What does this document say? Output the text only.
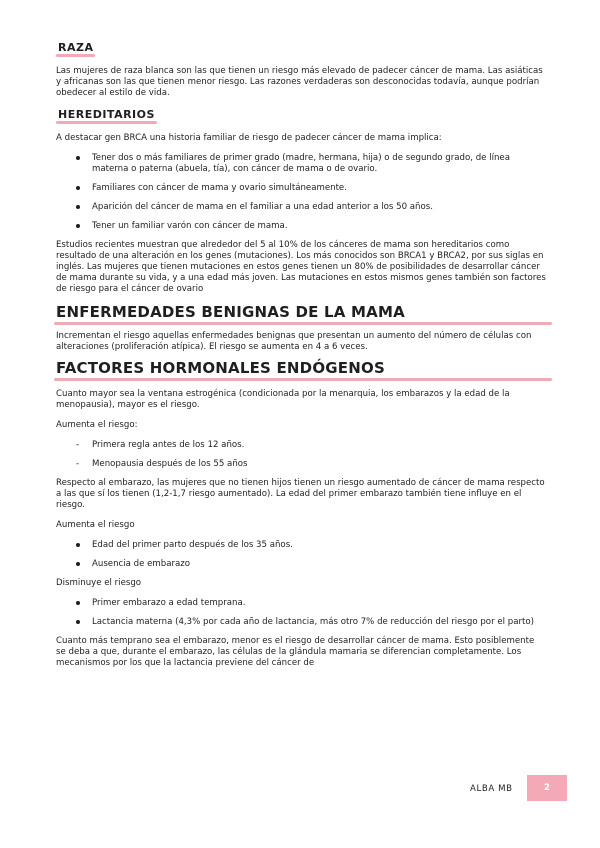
RAZA

Las mujeres de raza blanca son las que tienen un riesgo más elevado de padecer cáncer de mama. Las asiáticas y africanas son las que tienen menor riesgo. Las razones verdaderas son desconocidas todavía, aunque podrían obedecer al estilo de vida.

HEREDITARIOS

A destacar gen BRCA una historia familiar de riesgo de padecer cáncer de mama implica:

Tener dos o más familiares de primer grado (madre, hermana, hija) o de segundo grado, de línea materna o paterna (abuela, tía), con cáncer de mama o de ovario.
Familiares con cáncer de mama y ovario simultáneamente.
Aparición del cáncer de mama en el familiar a una edad anterior a los 50 años.
Tener un familiar varón con cáncer de mama.

Estudios recientes muestran que alrededor del 5 al 10% de los cánceres de mama son hereditarios como resultado de una alteración en los genes (mutaciones). Los más conocidos son BRCA1 y BRCA2, por sus siglas en inglés. Las mujeres que tienen mutaciones en estos genes tienen un 80% de posibilidades de desarrollar cáncer de mama durante su vida, y a una edad más joven. Las mutaciones en estos mismos genes también son factores de riesgo para el cáncer de ovario

ENFERMEDADES BENIGNAS DE LA MAMA

Incrementan el riesgo aquellas enfermedades benignas que presentan un aumento del número de células con alteraciones (proliferación atípica). El riesgo se aumenta en 4 a 6 veces.

FACTORES HORMONALES ENDÓGENOS

Cuanto mayor sea la ventana estrogénica (condicionada por la menarquia, los embarazos y la edad de la menopausia), mayor es el riesgo.

Aumenta el riesgo:

- Primera regla antes de los 12 años.
- Menopausia después de los 55 años

Respecto al embarazo, las mujeres que no tienen hijos tienen un riesgo aumentado de cáncer de mama respecto a las que sí los tienen (1,2-1,7 riesgo aumentado). La edad del primer embarazo también tiene influye en el riesgo.

Aumenta el riesgo

Edad del primer parto después de los 35 años.
Ausencia de embarazo

Disminuye el riesgo

Primer embarazo a edad temprana.
Lactancia materna (4,3% por cada año de lactancia, más otro 7% de reducción del riesgo por el parto)

Cuanto más temprano sea el embarazo, menor es el riesgo de desarrollar cáncer de mama. Esto posiblemente se deba a que, durante el embarazo, las células de la glándula mamaria se diferencian completamente. Los mecanismos por los que la lactancia previene del cáncer de

ALBA MB	2
